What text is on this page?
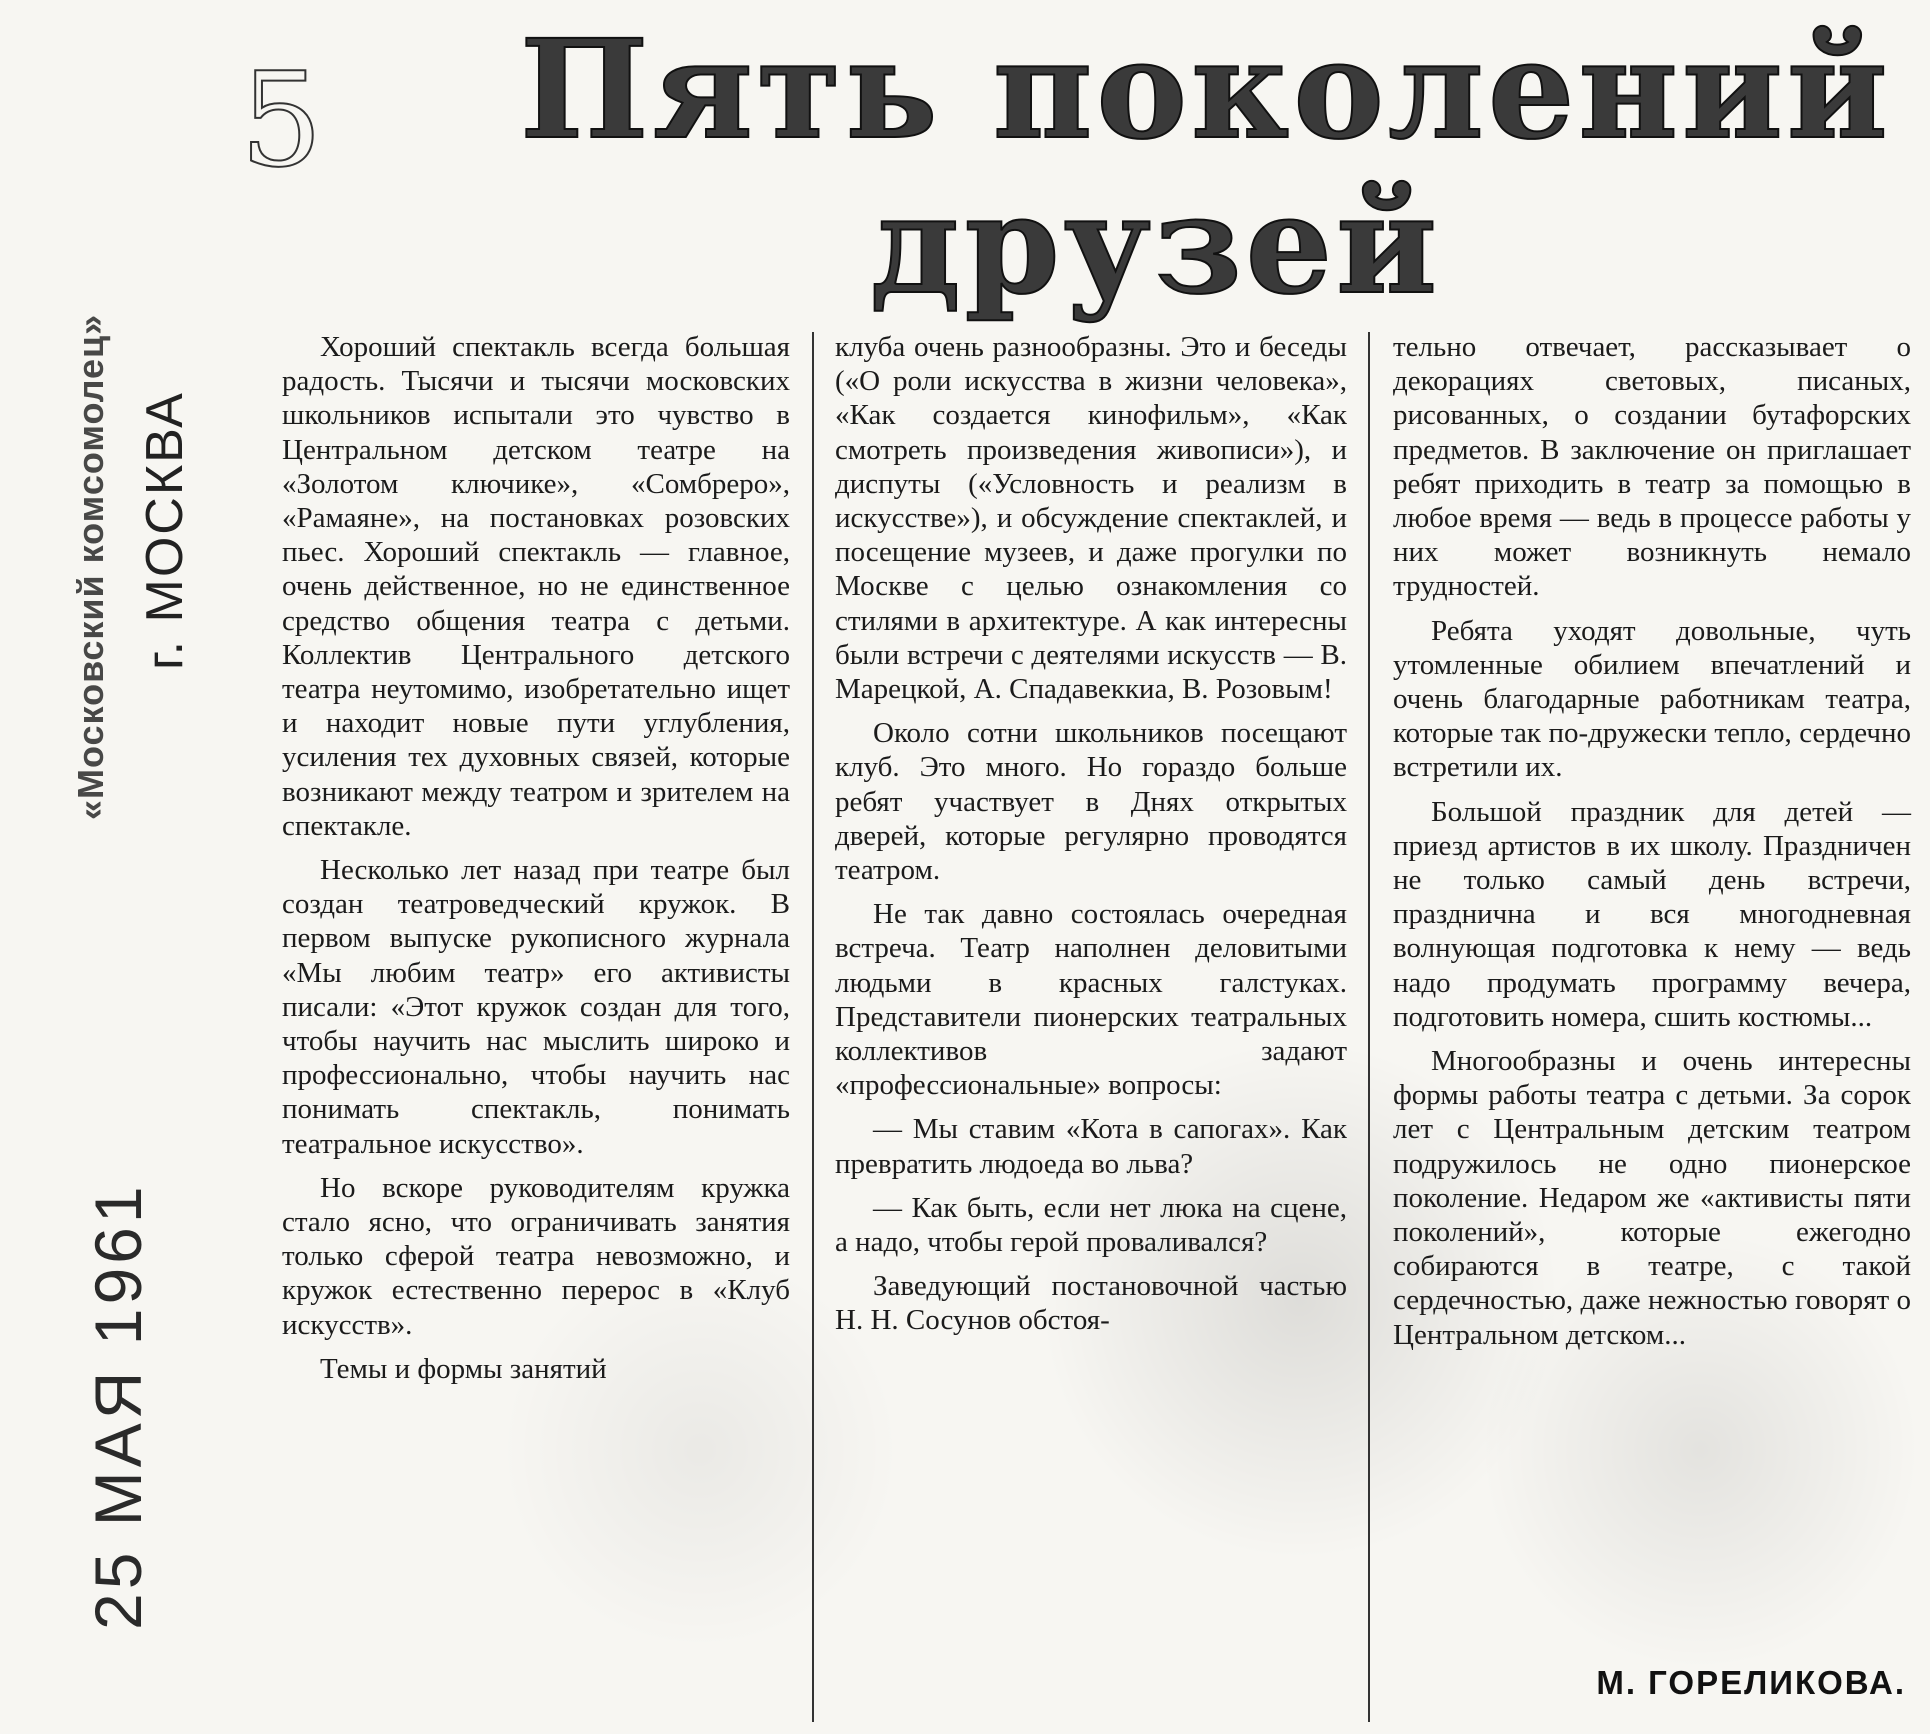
5
«Московский комсомолец» г. МОСКВА
25 МАЯ 1961
Пять поколений
друзей

Хороший спектакль всегда большая радость. Тысячи и тысячи московских школьников испытали это чувство в Центральном детском театре на «Золотом ключике», «Сомбреро», «Рамаяне», на постановках розовских пьес. Хороший спектакль — главное, очень действенное, но не единственное средство общения театра с детьми. Коллектив Центрального детского театра неутомимо, изобретательно ищет и находит новые пути углубления, усиления тех духовных связей, которые возникают между театром и зрителем на спектакле.

Несколько лет назад при театре был создан театроведческий кружок. В первом выпуске рукописного журнала «Мы любим театр» его активисты писали: «Этот кружок создан для того, чтобы научить нас мыслить широко и профессионально, чтобы научить нас понимать спектакль, понимать театральное искусство».

Но вскоре руководителям кружка стало ясно, что ограничивать занятия только сферой театра невозможно, и кружок естественно перерос в «Клуб искусств».

Темы и формы занятий

клуба очень разнообразны. Это и беседы («О роли искусства в жизни человека», «Как создается кинофильм», «Как смотреть произведения живописи»), и диспуты («Условность и реализм в искусстве»), и обсуждение спектаклей, и посещение музеев, и даже прогулки по Москве с целью ознакомления со стилями в архитектуре. А как интересны были встречи с деятелями искусств — В. Марецкой, А. Спадавеккиа, В. Розовым!

Около сотни школьников посещают клуб. Это много. Но гораздо больше ребят участвует в Днях открытых дверей, которые регулярно проводятся театром.

Не так давно состоялась очередная встреча. Театр наполнен деловитыми людьми в красных галстуках. Представители пионерских театральных коллективов задают «профессиональные» вопросы:

— Мы ставим «Кота в сапогах». Как превратить людоеда во льва?

— Как быть, если нет люка на сцене, а надо, чтобы герой проваливался?

Заведующий постановочной частью Н. Н. Сосунов обстоя-

тельно отвечает, рассказывает о декорациях световых, писаных, рисованных, о создании бутафорских предметов. В заключение он приглашает ребят приходить в театр за помощью в любое время — ведь в процессе работы у них может возникнуть немало трудностей.

Ребята уходят довольные, чуть утомленные обилием впечатлений и очень благодарные работникам театра, которые так по-дружески тепло, сердечно встретили их.

Большой праздник для детей — приезд артистов в их школу. Праздничен не только самый день встречи, празднична и вся многодневная волнующая подготовка к нему — ведь надо продумать программу вечера, подготовить номера, сшить костюмы...

Многообразны и очень интересны формы работы театра с детьми. За сорок лет с Центральным детским театром подружилось не одно пионерское поколение. Недаром же «активисты пяти поколений», которые ежегодно собираются в театре, с такой сердечностью, даже нежностью говорят о Центральном детском...

М. ГОРЕЛИКОВА.
